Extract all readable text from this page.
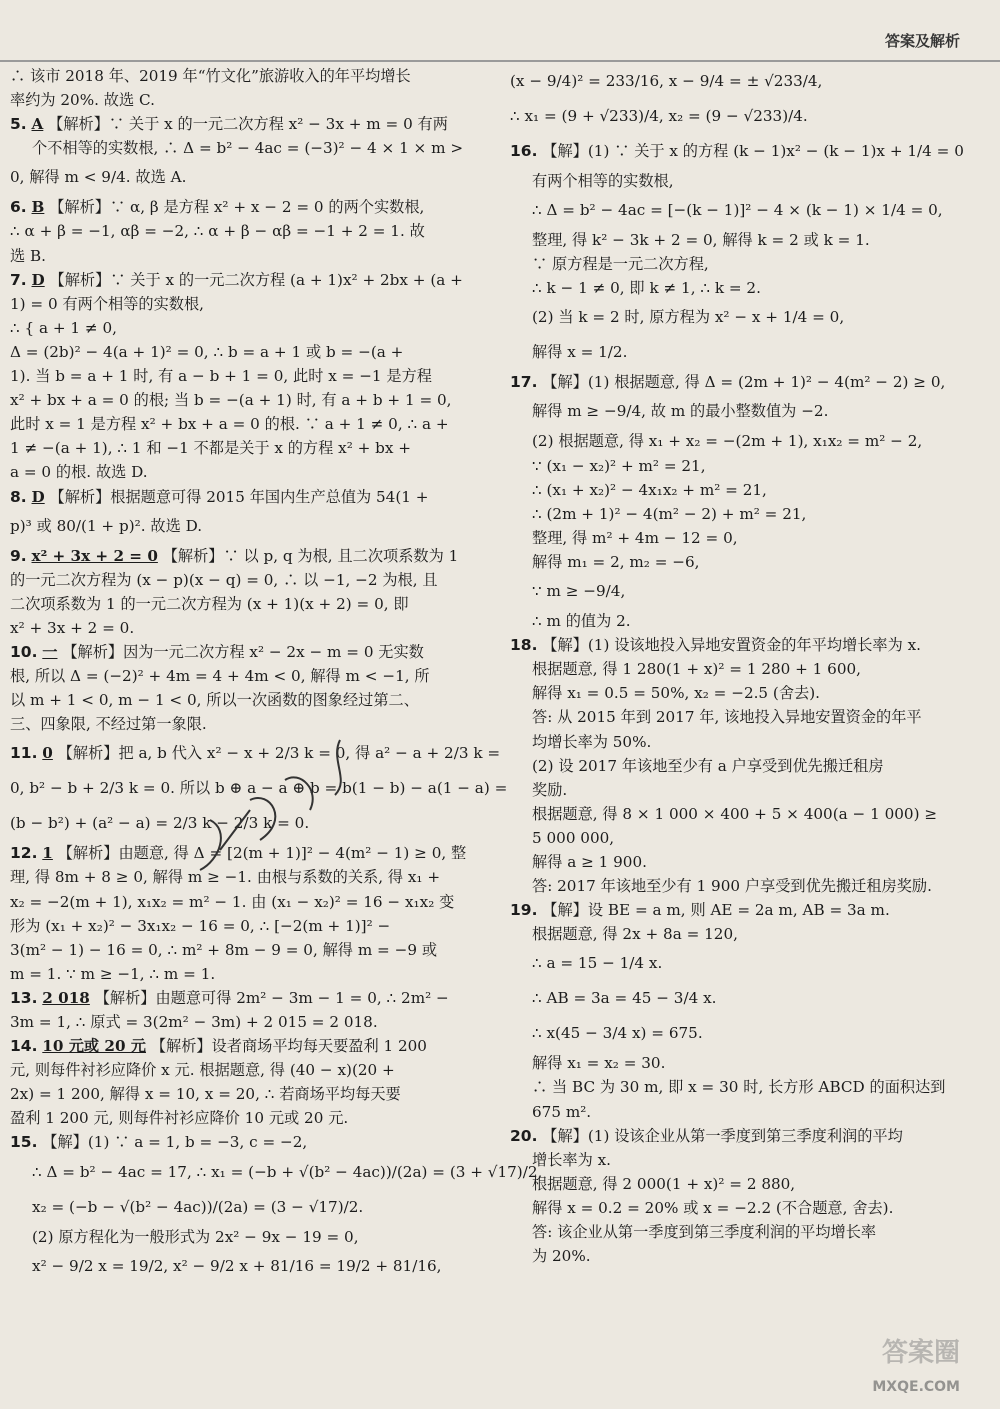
答案及解析
∴ 该市 2018 年、2019 年“竹文化”旅游收入的年平均增长
率约为 20%. 故选 C.
5. A 【解析】∵ 关于 x 的一元二次方程 x² − 3x + m = 0 有两
个不相等的实数根, ∴ Δ = b² − 4ac = (−3)² − 4 × 1 × m >
0, 解得 m < 9/4. 故选 A.
6. B 【解析】∵ α, β 是方程 x² + x − 2 = 0 的两个实数根,
∴ α + β = −1, αβ = −2, ∴ α + β − αβ = −1 + 2 = 1. 故
选 B.
7. D 【解析】∵ 关于 x 的一元二次方程 (a + 1)x² + 2bx + (a +
1) = 0 有两个相等的实数根,
∴ { a + 1 ≠ 0,
Δ = (2b)² − 4(a + 1)² = 0, ∴ b = a + 1 或 b = −(a +
1). 当 b = a + 1 时, 有 a − b + 1 = 0, 此时 x = −1 是方程
x² + bx + a = 0 的根; 当 b = −(a + 1) 时, 有 a + b + 1 = 0,
此时 x = 1 是方程 x² + bx + a = 0 的根. ∵ a + 1 ≠ 0, ∴ a +
1 ≠ −(a + 1), ∴ 1 和 −1 不都是关于 x 的方程 x² + bx +
a = 0 的根. 故选 D.
8. D 【解析】根据题意可得 2015 年国内生产总值为 54(1 +
p)³ 或 80/(1 + p)². 故选 D.
9. x² + 3x + 2 = 0 【解析】∵ 以 p, q 为根, 且二次项系数为 1
的一元二次方程为 (x − p)(x − q) = 0, ∴ 以 −1, −2 为根, 且
二次项系数为 1 的一元二次方程为 (x + 1)(x + 2) = 0, 即
x² + 3x + 2 = 0.
10. 一 【解析】因为一元二次方程 x² − 2x − m = 0 无实数
根, 所以 Δ = (−2)² + 4m = 4 + 4m < 0, 解得 m < −1, 所
以 m + 1 < 0, m − 1 < 0, 所以一次函数的图象经过第二、
三、四象限, 不经过第一象限.
11. 0 【解析】把 a, b 代入 x² − x + 2/3 k = 0, 得 a² − a + 2/3 k =
0, b² − b + 2/3 k = 0. 所以 b ⊕ a − a ⊕ b = b(1 − b) − a(1 − a) =
(b − b²) + (a² − a) = 2/3 k − 2/3 k = 0.
12. 1 【解析】由题意, 得 Δ = [2(m + 1)]² − 4(m² − 1) ≥ 0, 整
理, 得 8m + 8 ≥ 0, 解得 m ≥ −1. 由根与系数的关系, 得 x₁ +
x₂ = −2(m + 1), x₁x₂ = m² − 1. 由 (x₁ − x₂)² = 16 − x₁x₂ 变
形为 (x₁ + x₂)² − 3x₁x₂ − 16 = 0, ∴ [−2(m + 1)]² −
3(m² − 1) − 16 = 0, ∴ m² + 8m − 9 = 0, 解得 m = −9 或
m = 1. ∵ m ≥ −1, ∴ m = 1.
13. 2 018 【解析】由题意可得 2m² − 3m − 1 = 0, ∴ 2m² −
3m = 1, ∴ 原式 = 3(2m² − 3m) + 2 015 = 2 018.
14. 10 元或 20 元 【解析】设者商场平均每天要盈利 1 200
元, 则每件衬衫应降价 x 元. 根据题意, 得 (40 − x)(20 +
2x) = 1 200, 解得 x = 10, x = 20, ∴ 若商场平均每天要
盈利 1 200 元, 则每件衬衫应降价 10 元或 20 元.
15. 【解】(1) ∵ a = 1, b = −3, c = −2,
∴ Δ = b² − 4ac = 17, ∴ x₁ = (−b + √(b² − 4ac))/(2a) = (3 + √17)/2,
x₂ = (−b − √(b² − 4ac))/(2a) = (3 − √17)/2.
(2) 原方程化为一般形式为 2x² − 9x − 19 = 0,
x² − 9/2 x = 19/2, x² − 9/2 x + 81/16 = 19/2 + 81/16,
(x − 9/4)² = 233/16, x − 9/4 = ± √233/4,
∴ x₁ = (9 + √233)/4, x₂ = (9 − √233)/4.
16. 【解】(1) ∵ 关于 x 的方程 (k − 1)x² − (k − 1)x + 1/4 = 0
有两个相等的实数根,
∴ Δ = b² − 4ac = [−(k − 1)]² − 4 × (k − 1) × 1/4 = 0,
整理, 得 k² − 3k + 2 = 0, 解得 k = 2 或 k = 1.
∵ 原方程是一元二次方程,
∴ k − 1 ≠ 0, 即 k ≠ 1, ∴ k = 2.
(2) 当 k = 2 时, 原方程为 x² − x + 1/4 = 0,
解得 x = 1/2.
17. 【解】(1) 根据题意, 得 Δ = (2m + 1)² − 4(m² − 2) ≥ 0,
解得 m ≥ −9/4, 故 m 的最小整数值为 −2.
(2) 根据题意, 得 x₁ + x₂ = −(2m + 1), x₁x₂ = m² − 2,
∵ (x₁ − x₂)² + m² = 21,
∴ (x₁ + x₂)² − 4x₁x₂ + m² = 21,
∴ (2m + 1)² − 4(m² − 2) + m² = 21,
整理, 得 m² + 4m − 12 = 0,
解得 m₁ = 2, m₂ = −6,
∵ m ≥ −9/4,
∴ m 的值为 2.
18. 【解】(1) 设该地投入异地安置资金的年平均增长率为 x.
根据题意, 得 1 280(1 + x)² = 1 280 + 1 600,
解得 x₁ = 0.5 = 50%, x₂ = −2.5 (舍去).
答: 从 2015 年到 2017 年, 该地投入异地安置资金的年平
均增长率为 50%.
(2) 设 2017 年该地至少有 a 户享受到优先搬迁租房
奖励.
根据题意, 得 8 × 1 000 × 400 + 5 × 400(a − 1 000) ≥
5 000 000,
解得 a ≥ 1 900.
答: 2017 年该地至少有 1 900 户享受到优先搬迁租房奖励.
19. 【解】设 BE = a m, 则 AE = 2a m, AB = 3a m.
根据题意, 得 2x + 8a = 120,
∴ a = 15 − 1/4 x.
∴ AB = 3a = 45 − 3/4 x.
∴ x(45 − 3/4 x) = 675.
解得 x₁ = x₂ = 30.
∴ 当 BC 为 30 m, 即 x = 30 时, 长方形 ABCD 的面积达到
675 m².
20. 【解】(1) 设该企业从第一季度到第三季度利润的平均
增长率为 x.
根据题意, 得 2 000(1 + x)² = 2 880,
解得 x = 0.2 = 20% 或 x = −2.2 (不合题意, 舍去).
答: 该企业从第一季度到第三季度利润的平均增长率
为 20%.
答案圈
MXQE.COM
